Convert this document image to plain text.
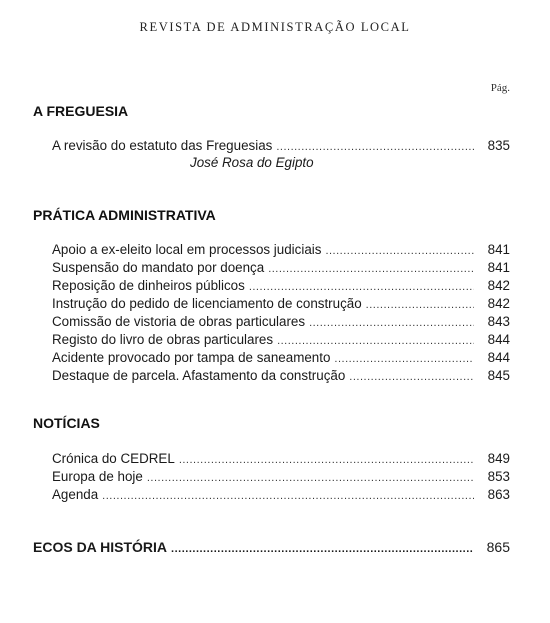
REVISTA DE ADMINISTRAÇÃO LOCAL
Pág.
A FREGUESIA
A revisão do estatuto das Freguesias .....	835
José Rosa do Egipto
PRÁTICA ADMINISTRATIVA
Apoio a ex-eleito local em processos judiciais .....	841
Suspensão do mandato por doença .....	841
Reposição de dinheiros públicos .....	842
Instrução do pedido de licenciamento de construção .....	842
Comissão de vistoria de obras particulares .....	843
Registo do livro de obras particulares .....	844
Acidente provocado por tampa de saneamento .....	844
Destaque de parcela. Afastamento da construção .....	845
NOTÍCIAS
Crónica do CEDREL .....	849
Europa de hoje .....	853
Agenda .....	863
ECOS DA HISTÓRIA .....	865
